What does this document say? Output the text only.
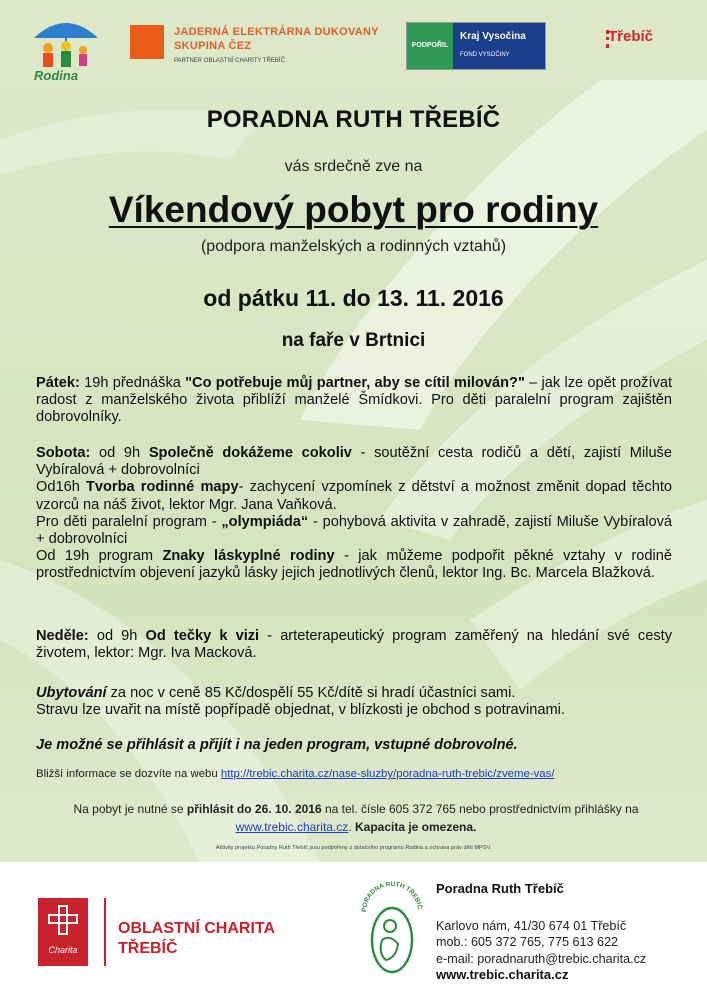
Rodina
JADERNÁ ELEKTRÁRNA DUKOVANY
SKUPINA ČEZ
PARTNER OBLASTNÍ CHARITY TŘEBÍČ
PODPOŘIL
Kraj Vysočina
FOND VYSOČINY
Třebíč
PORADNA RUTH TŘEBÍČ
vás srdečně zve na
Víkendový pobyt pro rodiny
(podpora manželských a rodinných vztahů)
od pátku 11. do 13. 11. 2016
na faře v Brtnici

Pátek: 19h přednáška "Co potřebuje můj partner, aby se cítil milován?" – jak lze opět prožívat radost z manželského života přiblíží manželé Šmídkovi. Pro děti paralelní program zajištěn dobrovolníky.

Sobota: od 9h Společně dokážeme cokoliv - soutěžní cesta rodičů a dětí, zajistí Miluše Vybíralová + dobrovolníci

Od16h Tvorba rodinné mapy- zachycení vzpomínek z dětství a možnost změnit dopad těchto vzorců na náš život, lektor Mgr. Jana Vaňková.

Pro děti paralelní program - „olympiáda“ - pohybová aktivita v zahradě, zajistí Miluše Vybíralová + dobrovolníci

Od 19h program Znaky láskyplné rodiny - jak můžeme podpořit pěkné vztahy v rodině prostřednictvím objevení jazyků lásky jejich jednotlivých členů, lektor Ing. Bc. Marcela Blažková.

Neděle: od 9h Od tečky k vizi - arteterapeutický program zaměřený na hledání své cesty životem, lektor: Mgr. Iva Macková.

Ubytování za noc v ceně 85 Kč/dospělí 55 Kč/dítě si hradí účastníci sami.

Stravu lze uvařit na místě popřípadě objednat, v blízkosti je obchod s potravinami.

Je možné se přihlásit a přijít i na jeden program, vstupné dobrovolné.
Bližší informace se dozvíte na webu http://trebic.charita.cz/nase-sluzby/poradna-ruth-trebic/zveme-vas/
Na pobyt je nutné se přihlásit do 26. 10. 2016 na tel. čísle 605 372 765 nebo prostřednictvím přihlášky na www.trebic.charita.cz. Kapacita je omezena.
Aktivity projektu Poradny Ruth Třebíč jsou podpořeny z dotačního programu Rodina a ochrana práv dětí MPSV.
Charita
OBLASTNÍ CHARITA
TŘEBÍČ
PORADNA RUTH TŘEBÍČ
Poradna Ruth Třebíč
Karlovo nám, 41/30 674 01 Třebíč
mob.: 605 372 765, 775 613 622
e-mail: poradnaruth@trebic.charita.cz
www.trebic.charita.cz
